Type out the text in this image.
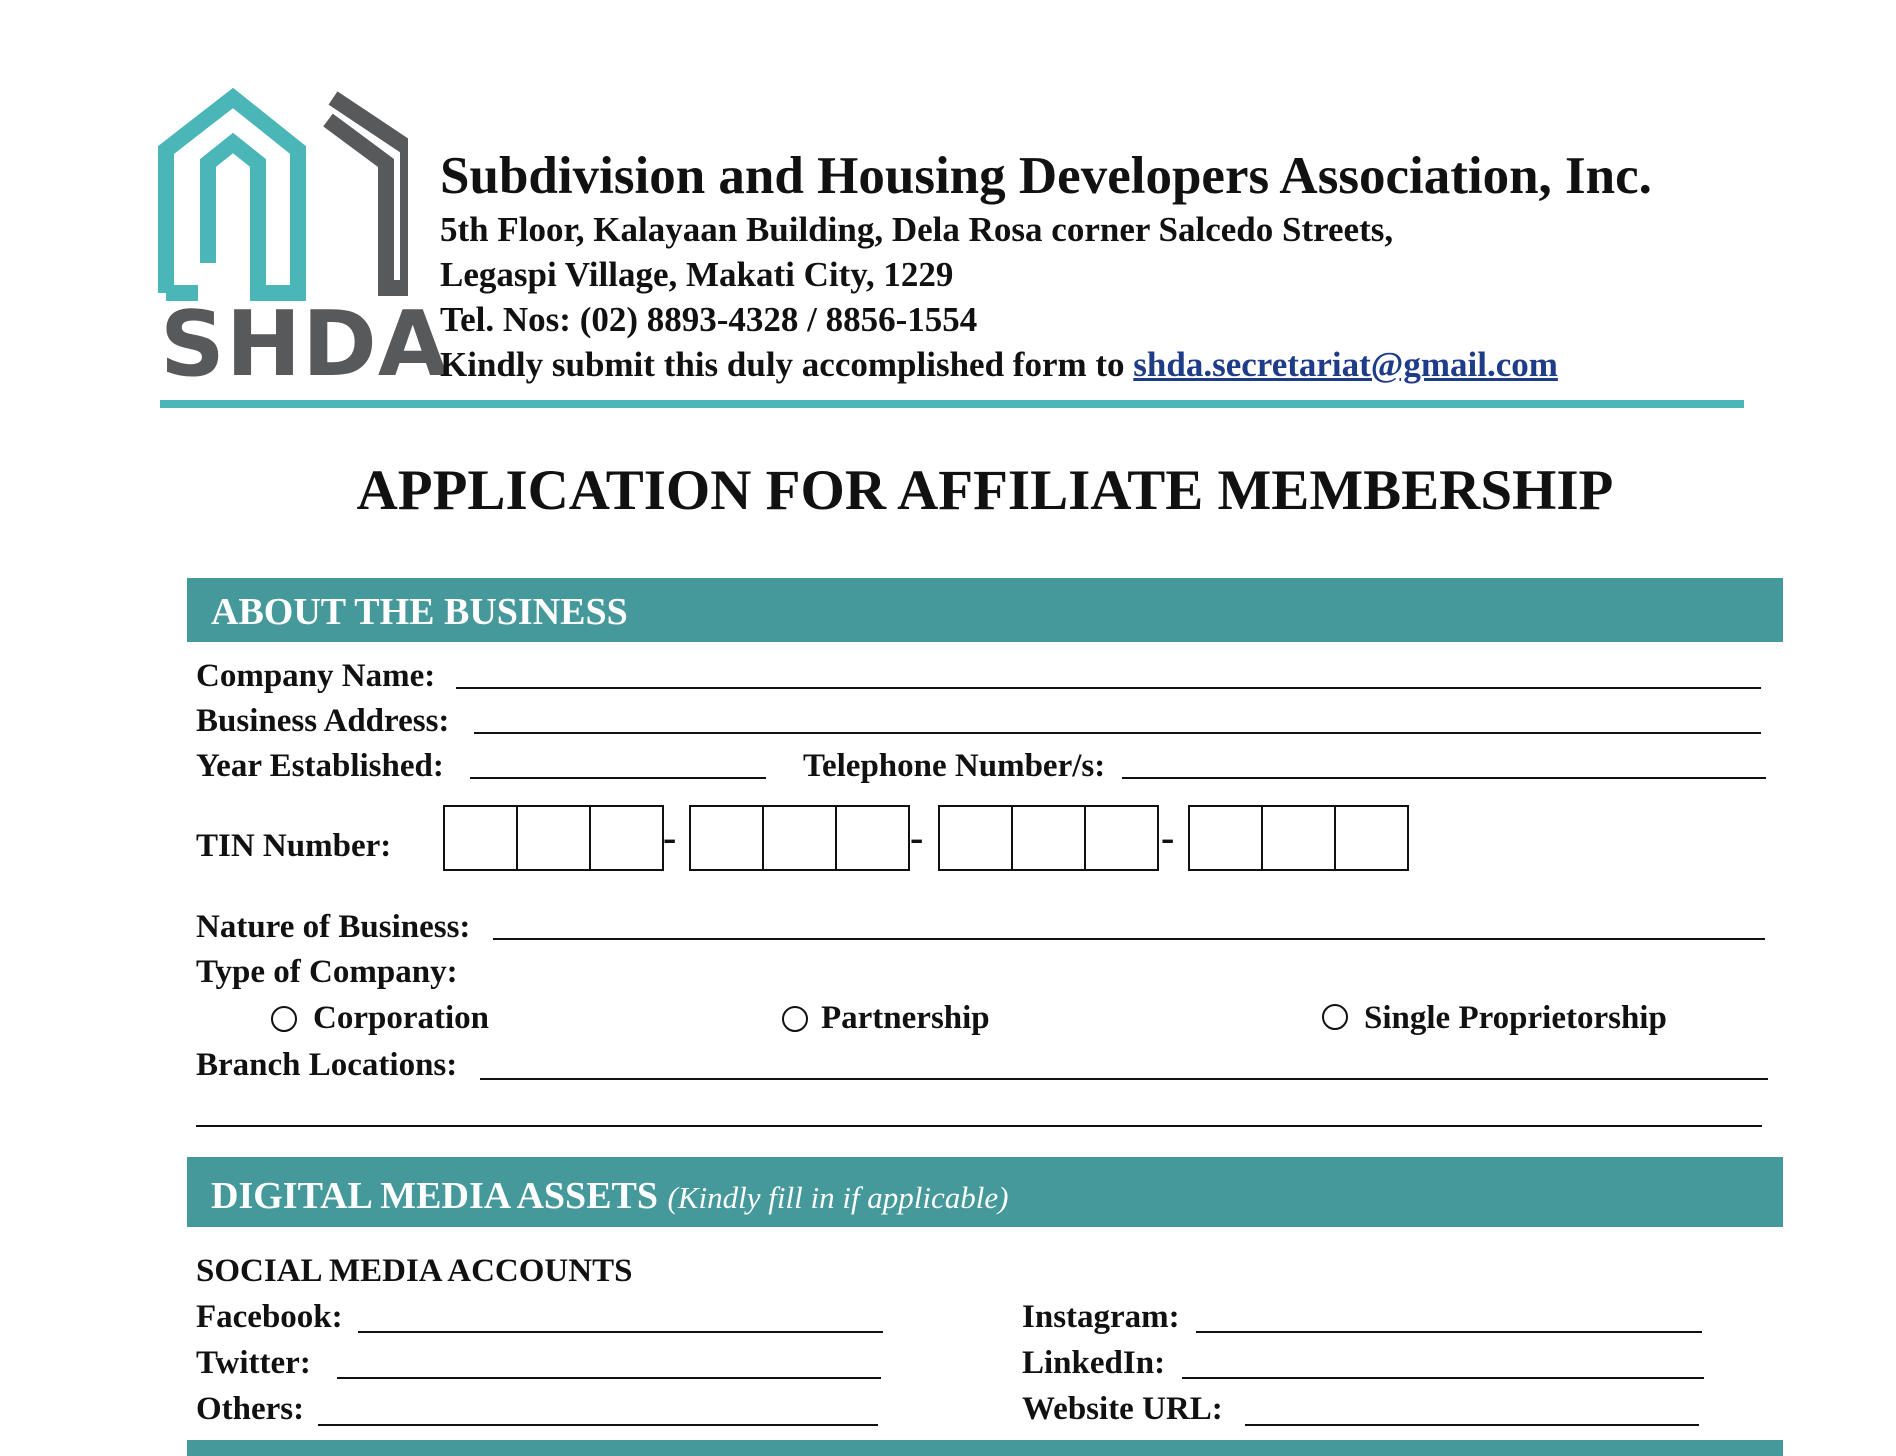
SHDA
Subdivision and Housing Developers Association, Inc.
5th Floor, Kalayaan Building, Dela Rosa corner Salcedo Streets,
Legaspi Village, Makati City, 1229
Tel. Nos: (02) 8893-4328 / 8856-1554
Kindly submit this duly accomplished form to shda.secretariat@gmail.com
APPLICATION FOR AFFILIATE MEMBERSHIP
ABOUT THE BUSINESS
Company Name:
Business Address:
Year Established:	Telephone Number/s:
TIN Number:	-	-	-
Nature of Business:
Type of Company:
Corporation	Partnership	Single Proprietorship
Branch Locations:
DIGITAL MEDIA ASSETS (Kindly fill in if applicable)
SOCIAL MEDIA ACCOUNTS
Facebook:	Instagram:
Twitter:	LinkedIn:
Others:	Website URL:
